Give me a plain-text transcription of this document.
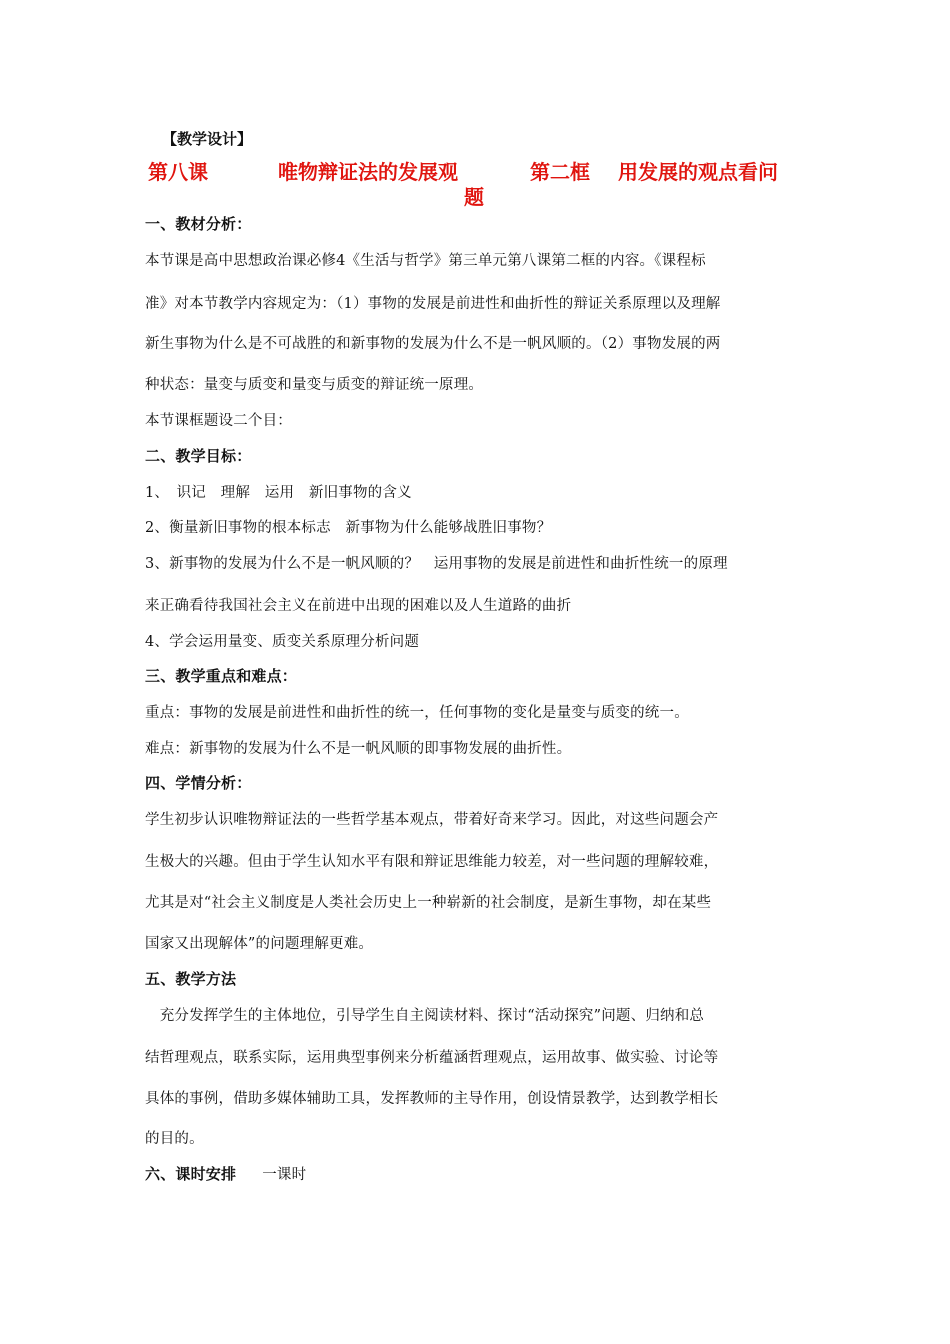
【教学设计】
第八课	唯物辩证法的发展观	第二框 用发展的观点看问
题
一、教材分析：
本节课是高中思想政治课必修4《生活与哲学》第三单元第八课第二框的内容。《课程标
准》对本节教学内容规定为：（1）事物的发展是前进性和曲折性的辩证关系原理以及理解
新生事物为什么是不可战胜的和新事物的发展为什么不是一帆风顺的。（2）事物发展的两
种状态：量变与质变和量变与质变的辩证统一原理。
本节课框题设二个目：
二、教学目标：
1、　识记　理解　运用　新旧事物的含义
2、衡量新旧事物的根本标志　新事物为什么能够战胜旧事物？
3、新事物的发展为什么不是一帆风顺的？　运用事物的发展是前进性和曲折性统一的原理
来正确看待我国社会主义在前进中出现的困难以及人生道路的曲折
4、学会运用量变、质变关系原理分析问题
三、教学重点和难点：
重点：事物的发展是前进性和曲折性的统一，任何事物的变化是量变与质变的统一。
难点：新事物的发展为什么不是一帆风顺的即事物发展的曲折性。
四、学情分析：
学生初步认识唯物辩证法的一些哲学基本观点，带着好奇来学习。因此，对这些问题会产
生极大的兴趣。但由于学生认知水平有限和辩证思维能力较差，对一些问题的理解较难，
尤其是对“社会主义制度是人类社会历史上一种崭新的社会制度，是新生事物，却在某些
国家又出现解体”的问题理解更难。
五、教学方法
　充分发挥学生的主体地位，引导学生自主阅读材料、探讨“活动探究”问题、归纳和总
结哲理观点，联系实际，运用典型事例来分析蕴涵哲理观点，运用故事、做实验、讨论等
具体的事例，借助多媒体辅助工具，发挥教师的主导作用，创设情景教学，达到教学相长
的目的。
六、课时安排 一课时
